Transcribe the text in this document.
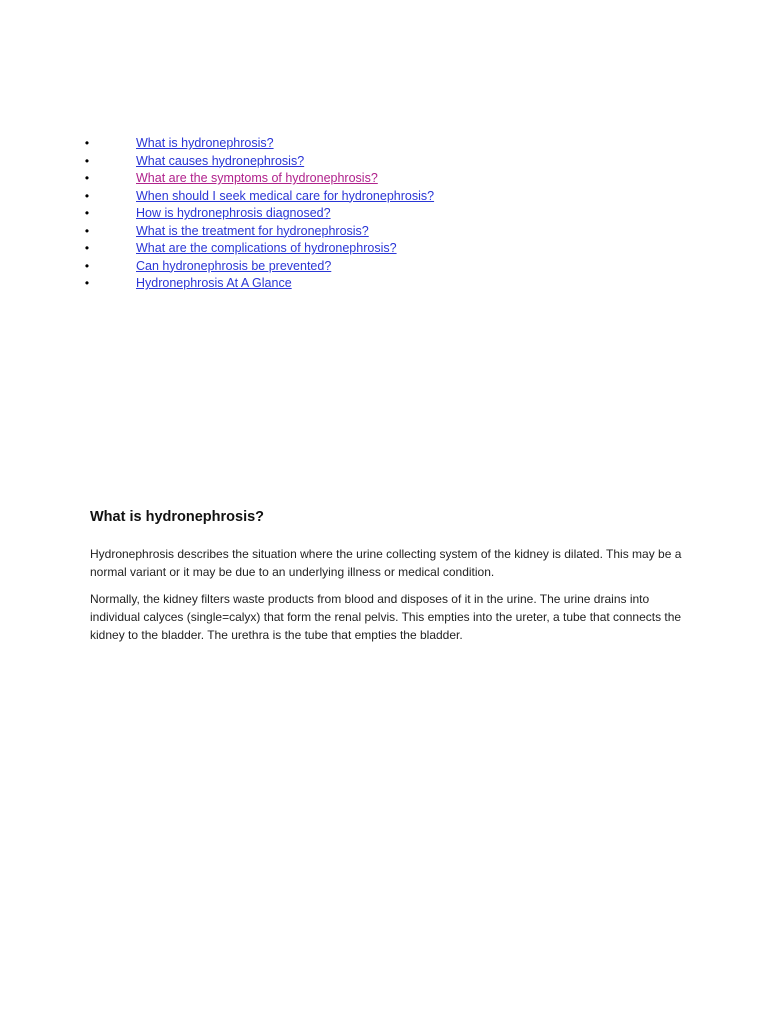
•	What is hydronephrosis?
•	What causes hydronephrosis?
•	What are the symptoms of hydronephrosis?
•	When should I seek medical care for hydronephrosis?
•	How is hydronephrosis diagnosed?
•	What is the treatment for hydronephrosis?
•	What are the complications of hydronephrosis?
•	Can hydronephrosis be prevented?
•	Hydronephrosis At A Glance
What is hydronephrosis?

Hydronephrosis describes the situation where the urine collecting system of the kidney is dilated. This may be a normal variant or it may be due to an underlying illness or medical condition.

Normally, the kidney filters waste products from blood and disposes of it in the urine. The urine drains into individual calyces (single=calyx) that form the renal pelvis. This empties into the ureter, a tube that connects the kidney to the bladder. The urethra is the tube that empties the bladder.
